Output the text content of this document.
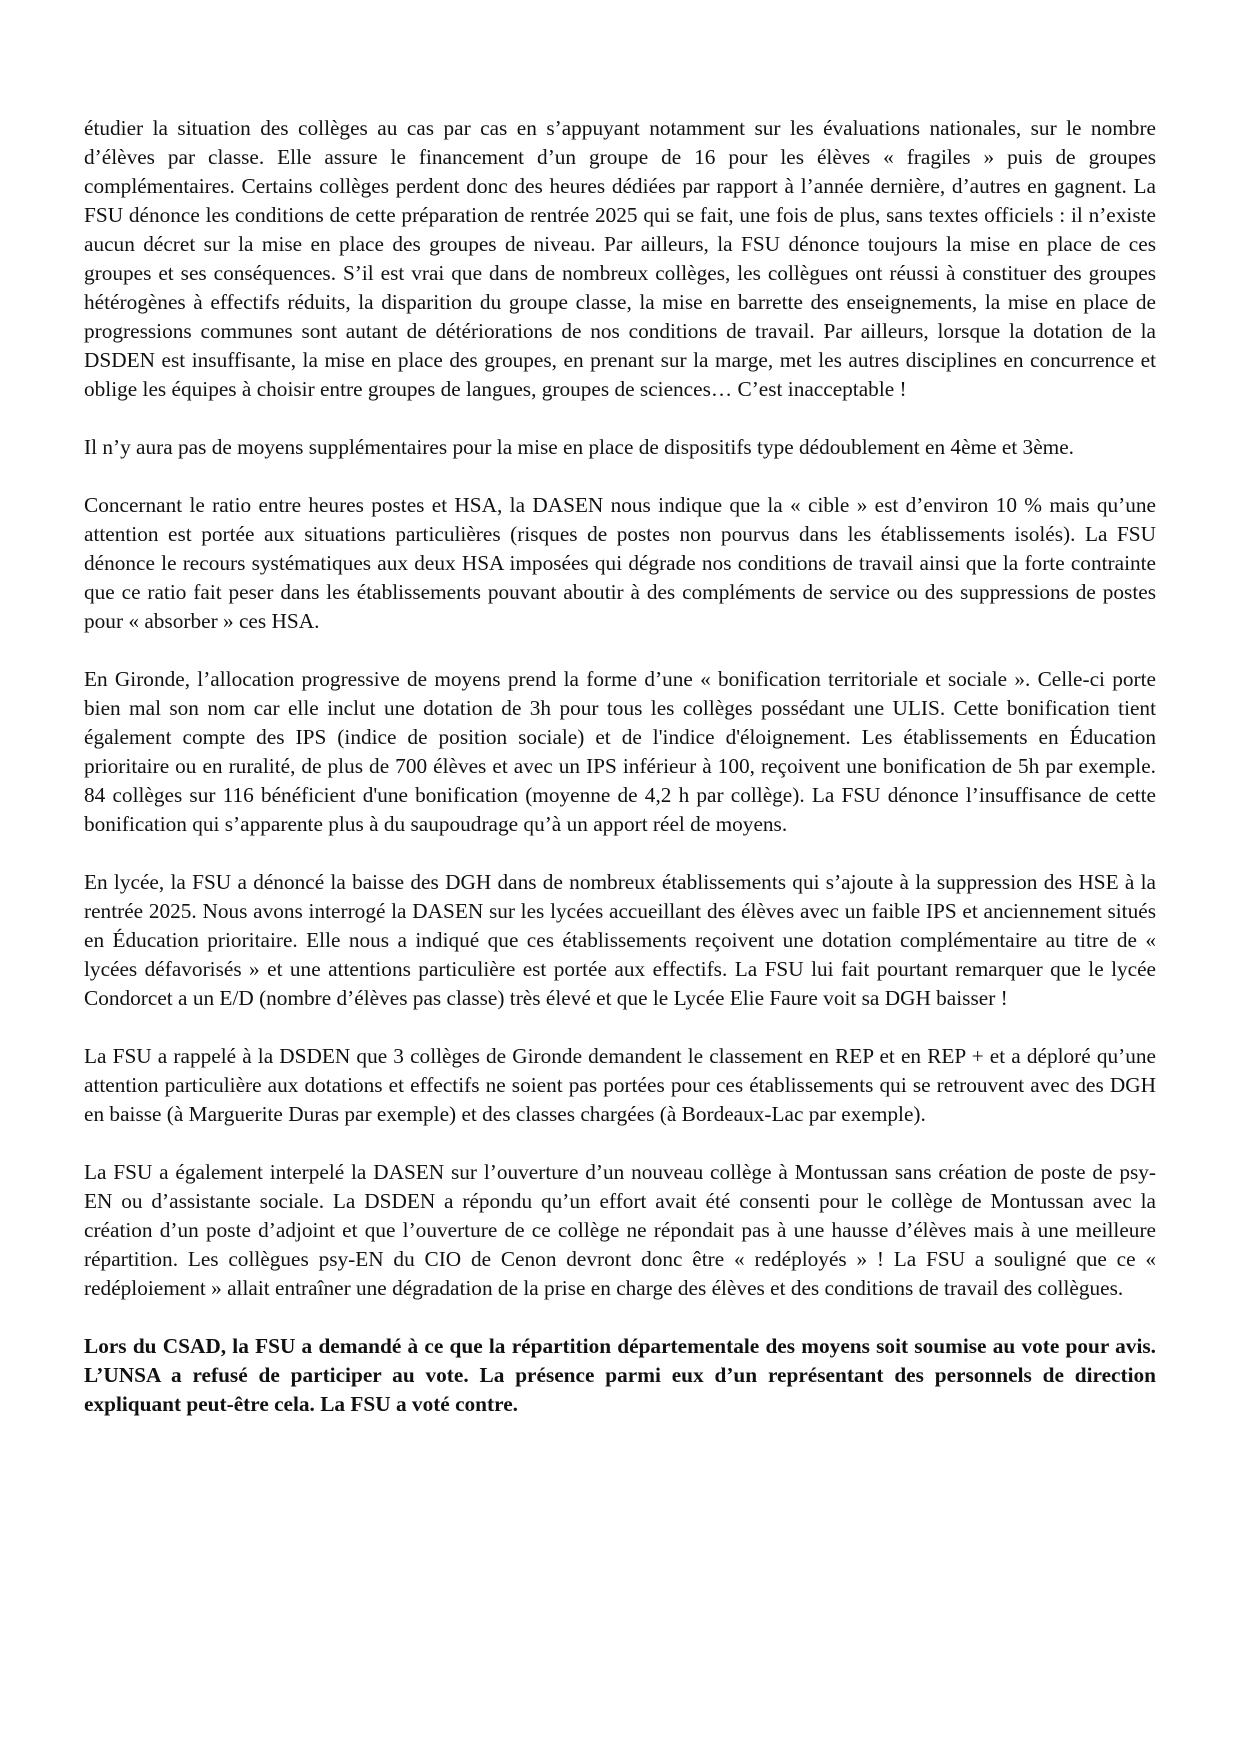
étudier la situation des collèges au cas par cas en s’appuyant notamment sur les évaluations nationales, sur le nombre d’élèves par classe. Elle assure le financement d’un groupe de 16 pour les élèves « fragiles » puis de groupes complémentaires. Certains collèges perdent donc des heures dédiées par rapport à l’année dernière, d’autres en gagnent. La FSU dénonce les conditions de cette préparation de rentrée 2025 qui se fait, une fois de plus, sans textes officiels : il n’existe aucun décret sur la mise en place des groupes de niveau. Par ailleurs, la FSU dénonce toujours la mise en place de ces groupes et ses conséquences. S’il est vrai que dans de nombreux collèges, les collègues ont réussi à constituer des groupes hétérogènes à effectifs réduits, la disparition du groupe classe, la mise en barrette des enseignements, la mise en place de progressions communes sont autant de détériorations de nos conditions de travail. Par ailleurs, lorsque la dotation de la DSDEN est insuffisante, la mise en place des groupes, en prenant sur la marge, met les autres disciplines en concurrence et oblige les équipes à choisir entre groupes de langues, groupes de sciences… C’est inacceptable !

Il n’y aura pas de moyens supplémentaires pour la mise en place de dispositifs type dédoublement en 4ème et 3ème.

Concernant le ratio entre heures postes et HSA, la DASEN nous indique que la « cible » est d’environ 10 % mais qu’une attention est portée aux situations particulières (risques de postes non pourvus dans les établissements isolés). La FSU dénonce le recours systématiques aux deux HSA imposées qui dégrade nos conditions de travail ainsi que la forte contrainte que ce ratio fait peser dans les établissements pouvant aboutir à des compléments de service ou des suppressions de postes pour « absorber » ces HSA.

En Gironde, l’allocation progressive de moyens prend la forme d’une « bonification territoriale et sociale ». Celle-ci porte bien mal son nom car elle inclut une dotation de 3h pour tous les collèges possédant une ULIS. Cette bonification tient également compte des IPS (indice de position sociale) et de l'indice d'éloignement. Les établissements en Éducation prioritaire ou en ruralité, de plus de 700 élèves et avec un IPS inférieur à 100, reçoivent une bonification de 5h par exemple. 84 collèges sur 116 bénéficient d'une bonification (moyenne de 4,2 h par collège). La FSU dénonce l’insuffisance de cette bonification qui s’apparente plus à du saupoudrage qu’à un apport réel de moyens.

En lycée, la FSU a dénoncé la baisse des DGH dans de nombreux établissements qui s’ajoute à la suppression des HSE à la rentrée 2025. Nous avons interrogé la DASEN sur les lycées accueillant des élèves avec un faible IPS et anciennement situés en Éducation prioritaire. Elle nous a indiqué que ces établissements reçoivent une dotation complémentaire au titre de « lycées défavorisés » et une attentions particulière est portée aux effectifs. La FSU lui fait pourtant remarquer que le lycée Condorcet a un E/D (nombre d’élèves pas classe) très élevé et que le Lycée Elie Faure voit sa DGH baisser !

La FSU a rappelé à la DSDEN que 3 collèges de Gironde demandent le classement en REP et en REP + et a déploré qu’une attention particulière aux dotations et effectifs ne soient pas portées pour ces établissements qui se retrouvent avec des DGH en baisse (à Marguerite Duras par exemple) et des classes chargées (à Bordeaux-Lac par exemple).

La FSU a également interpelé la DASEN sur l’ouverture d’un nouveau collège à Montussan sans création de poste de psy-EN ou d’assistante sociale. La DSDEN a répondu qu’un effort avait été consenti pour le collège de Montussan avec la création d’un poste d’adjoint et que l’ouverture de ce collège ne répondait pas à une hausse d’élèves mais à une meilleure répartition. Les collègues psy-EN du CIO de Cenon devront donc être « redéployés » ! La FSU a souligné que ce « redéploiement » allait entraîner une dégradation de la prise en charge des élèves et des conditions de travail des collègues.

Lors du CSAD, la FSU a demandé à ce que la répartition départementale des moyens soit soumise au vote pour avis. L’UNSA a refusé de participer au vote. La présence parmi eux d’un représentant des personnels de direction expliquant peut-être cela. La FSU a voté contre.
